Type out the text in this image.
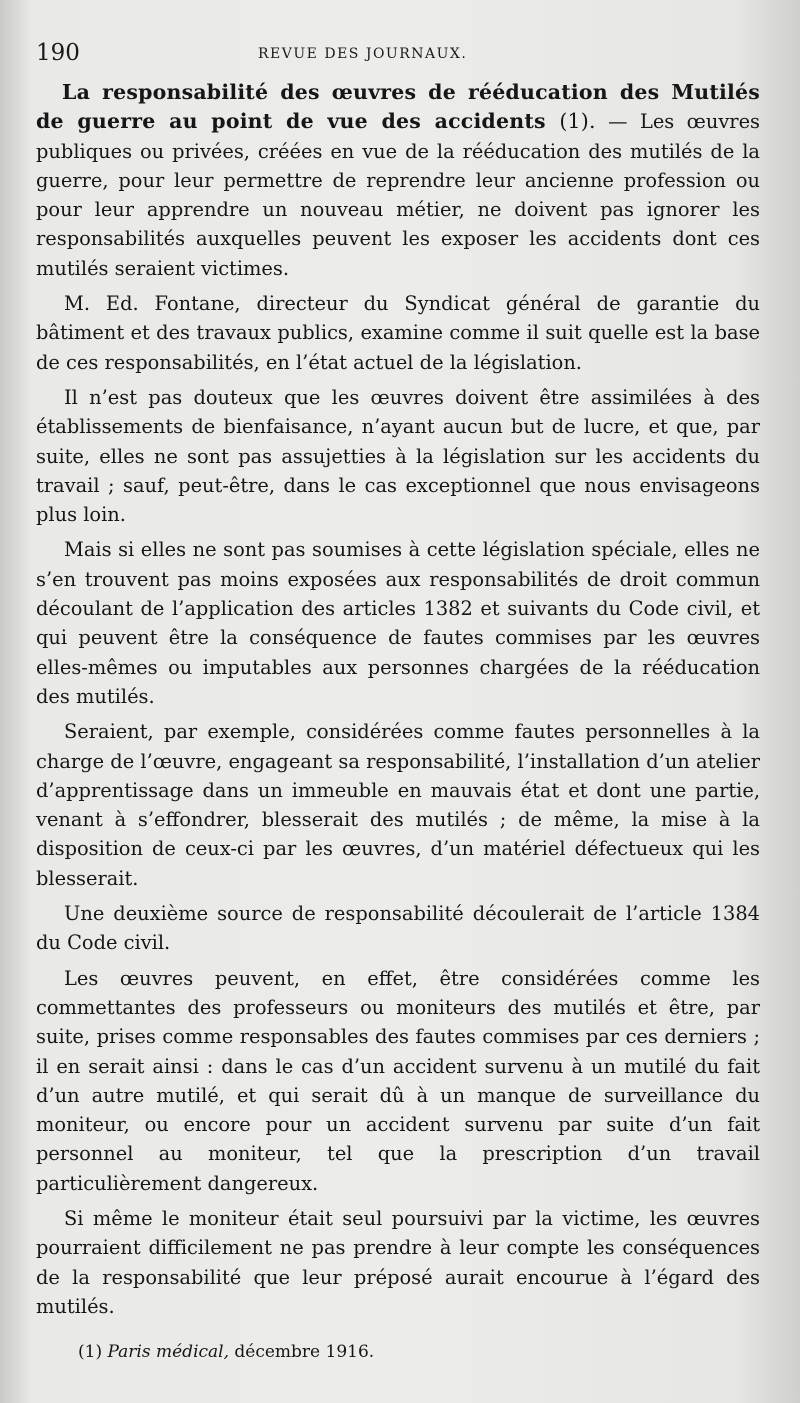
190	REVUE DES JOURNAUX.

La responsabilité des œuvres de rééducation des Mutilés de guerre au point de vue des accidents (1). — Les œuvres publiques ou privées, créées en vue de la rééducation des mutilés de la guerre, pour leur permettre de reprendre leur ancienne profession ou pour leur apprendre un nouveau métier, ne doivent pas ignorer les responsabilités auxquelles peuvent les exposer les accidents dont ces mutilés seraient victimes.

M. Ed. Fontane, directeur du Syndicat général de garantie du bâtiment et des travaux publics, examine comme il suit quelle est la base de ces responsabilités, en l’état actuel de la législation.

Il n’est pas douteux que les œuvres doivent être assimilées à des établissements de bienfaisance, n’ayant aucun but de lucre, et que, par suite, elles ne sont pas assujetties à la législation sur les accidents du travail ; sauf, peut-être, dans le cas exceptionnel que nous envisageons plus loin.

Mais si elles ne sont pas soumises à cette législation spéciale, elles ne s’en trouvent pas moins exposées aux responsabilités de droit commun découlant de l’application des articles 1382 et suivants du Code civil, et qui peuvent être la conséquence de fautes commises par les œuvres elles-mêmes ou imputables aux personnes chargées de la rééducation des mutilés.

Seraient, par exemple, considérées comme fautes personnelles à la charge de l’œuvre, engageant sa responsabilité, l’installation d’un atelier d’apprentissage dans un immeuble en mauvais état et dont une partie, venant à s’effondrer, blesserait des mutilés ; de même, la mise à la disposition de ceux-ci par les œuvres, d’un matériel défectueux qui les blesserait.

Une deuxième source de responsabilité découlerait de l’article 1384 du Code civil.

Les œuvres peuvent, en effet, être considérées comme les commettantes des professeurs ou moniteurs des mutilés et être, par suite, prises comme responsables des fautes commises par ces derniers ; il en serait ainsi : dans le cas d’un accident survenu à un mutilé du fait d’un autre mutilé, et qui serait dû à un manque de surveillance du moniteur, ou encore pour un accident survenu par suite d’un fait personnel au moniteur, tel que la prescription d’un travail particulièrement dangereux.

Si même le moniteur était seul poursuivi par la victime, les œuvres pourraient difficilement ne pas prendre à leur compte les conséquences de la responsabilité que leur préposé aurait encourue à l’égard des mutilés.

(1) Paris médical, décembre 1916.
